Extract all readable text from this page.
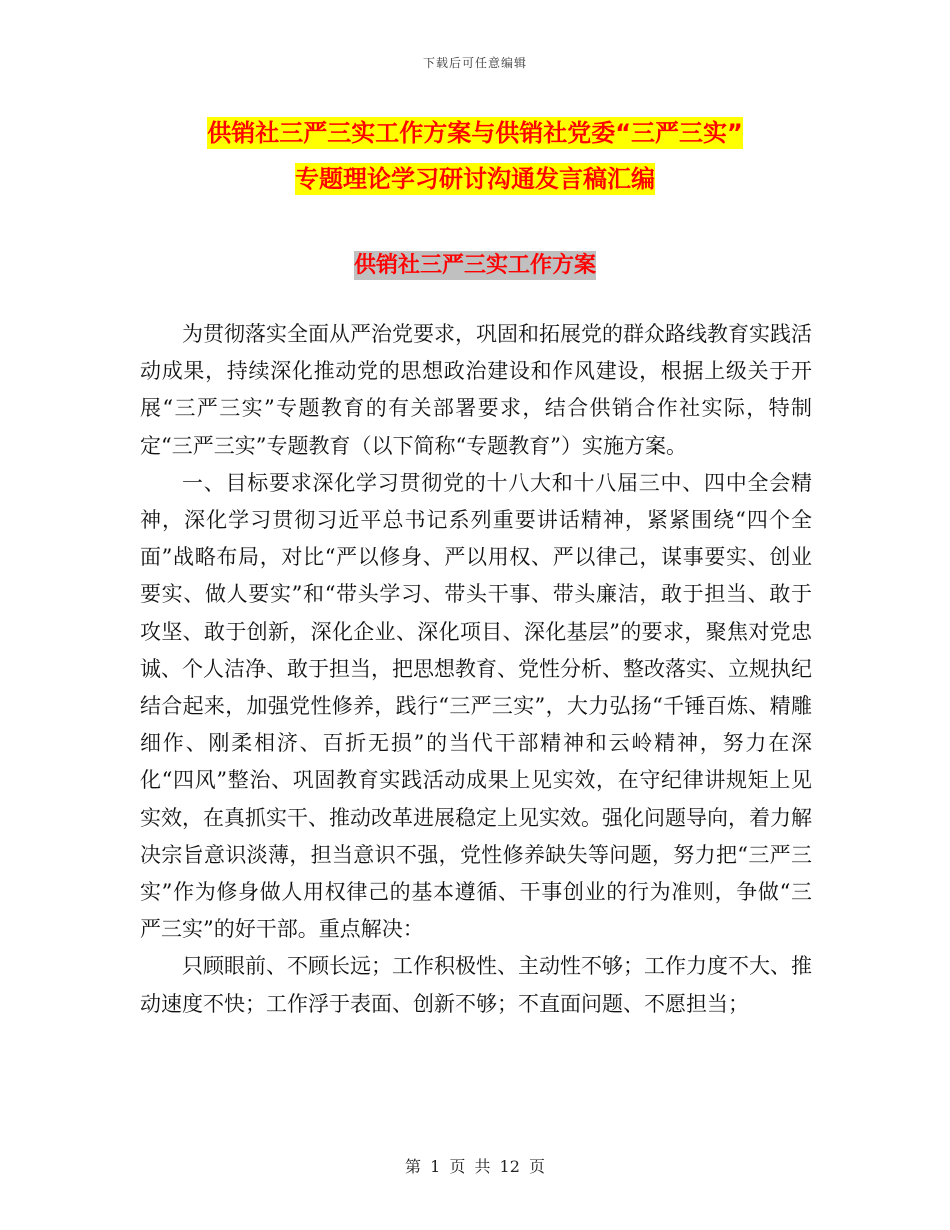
下载后可任意编辑
供销社三严三实工作方案与供销社党委“三严三实”
专题理论学习研讨沟通发言稿汇编
供销社三严三实工作方案

为贯彻落实全面从严治党要求，巩固和拓展党的群众路线教育实践活动成果，持续深化推动党的思想政治建设和作风建设，根据上级关于开展“三严三实”专题教育的有关部署要求，结合供销合作社实际，特制定“三严三实”专题教育（以下简称“专题教育”）实施方案。

一、目标要求深化学习贯彻党的十八大和十八届三中、四中全会精神，深化学习贯彻习近平总书记系列重要讲话精神，紧紧围绕“四个全面”战略布局，对比“严以修身、严以用权、严以律己，谋事要实、创业要实、做人要实”和“带头学习、带头干事、带头廉洁，敢于担当、敢于攻坚、敢于创新，深化企业、深化项目、深化基层”的要求，聚焦对党忠诚、个人洁净、敢于担当，把思想教育、党性分析、整改落实、立规执纪结合起来，加强党性修养，践行“三严三实”，大力弘扬“千锤百炼、精雕细作、刚柔相济、百折无损”的当代干部精神和云岭精神，努力在深化“四风”整治、巩固教育实践活动成果上见实效，在守纪律讲规矩上见实效，在真抓实干、推动改革进展稳定上见实效。强化问题导向，着力解决宗旨意识淡薄，担当意识不强，党性修养缺失等问题，努力把“三严三实”作为修身做人用权律己的基本遵循、干事创业的行为准则，争做“三严三实”的好干部。重点解决：

只顾眼前、不顾长远；工作积极性、主动性不够；工作力度不大、推动速度不快；工作浮于表面、创新不够；不直面问题、不愿担当；

第 1 页 共 12 页
